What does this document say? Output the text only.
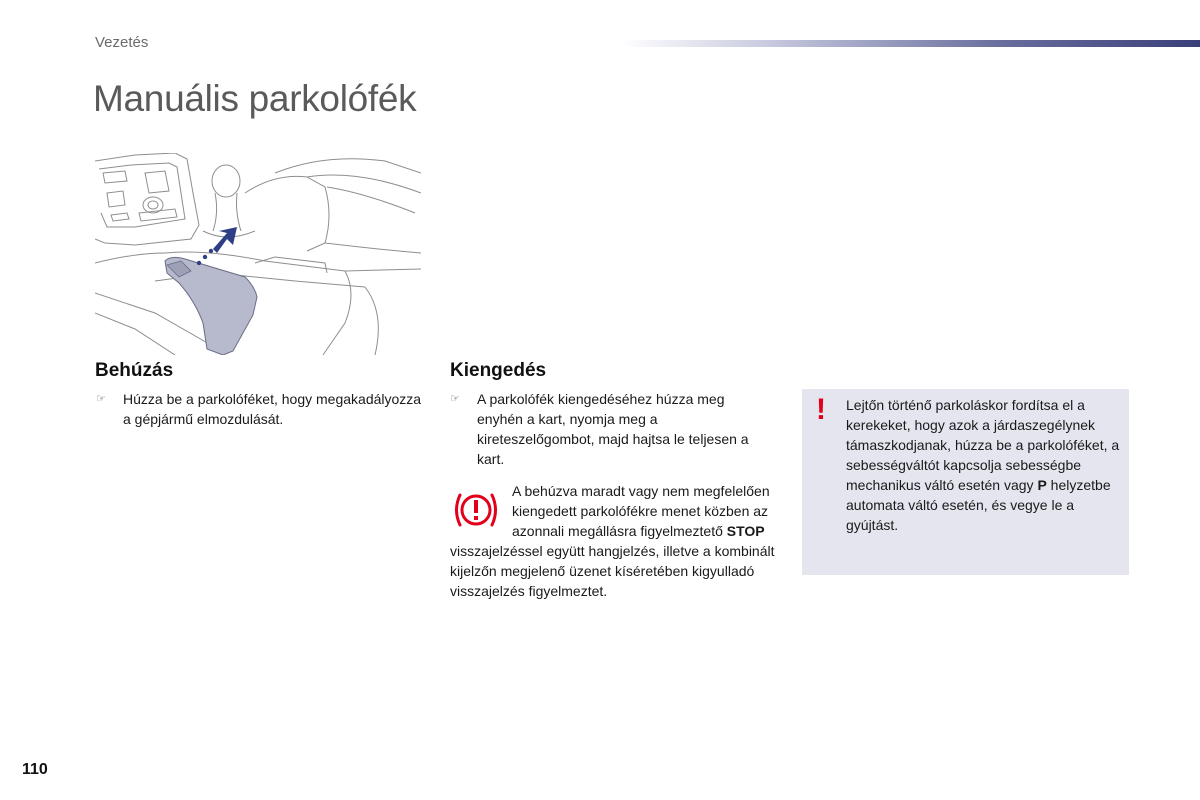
Vezetés
Manuális parkolófék
Behúzás
☞	Húzza be a parkolóféket, hogy megakadályozza a gépjármű elmozdulását.
Kiengedés
☞	A parkolófék kiengedéséhez húzza meg enyhén a kart, nyomja meg a kireteszelőgombot, majd hajtsa le teljesen a kart.

A behúzva maradt vagy nem megfelelően kiengedett parkolófékre menet közben az azonnali megállásra figyelmeztető STOP visszajelzéssel együtt hangjelzés, illetve a kombinált kijelzőn megjelenő üzenet kíséretében kigyulladó visszajelzés figyelmeztet.

! Lejtőn történő parkoláskor fordítsa el a kerekeket, hogy azok a járdaszegélynek támaszkodjanak, húzza be a parkolóféket, a sebességváltót kapcsolja sebességbe mechanikus váltó esetén vagy P helyzetbe automata váltó esetén, és vegye le a gyújtást.

110
